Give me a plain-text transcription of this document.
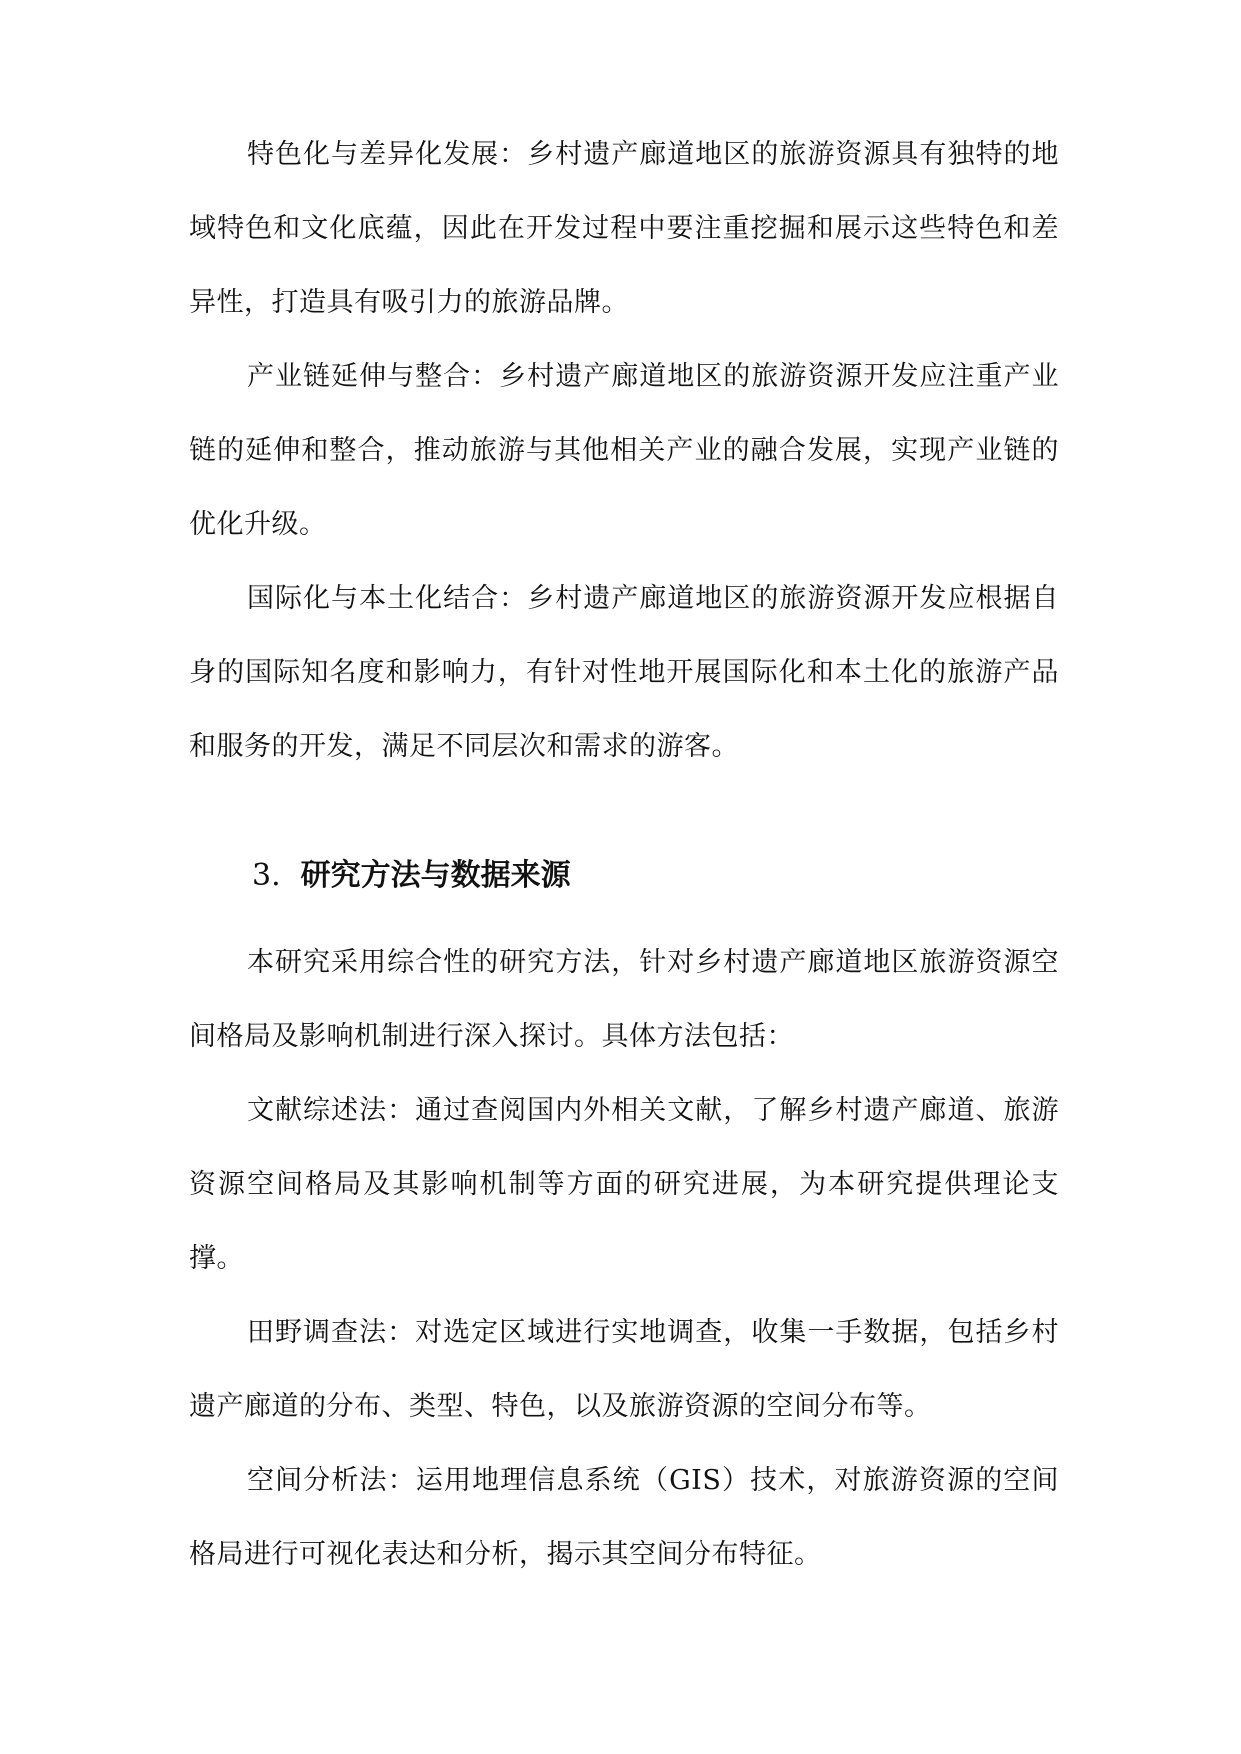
特色化与差异化发展：乡村遗产廊道地区的旅游资源具有独特的地域特色和文化底蕴，因此在开发过程中要注重挖掘和展示这些特色和差异性，打造具有吸引力的旅游品牌。

产业链延伸与整合：乡村遗产廊道地区的旅游资源开发应注重产业链的延伸和整合，推动旅游与其他相关产业的融合发展，实现产业链的优化升级。

国际化与本土化结合：乡村遗产廊道地区的旅游资源开发应根据自身的国际知名度和影响力，有针对性地开展国际化和本土化的旅游产品和服务的开发，满足不同层次和需求的游客。

3. 研究方法与数据来源

本研究采用综合性的研究方法，针对乡村遗产廊道地区旅游资源空间格局及影响机制进行深入探讨。具体方法包括：

文献综述法：通过查阅国内外相关文献，了解乡村遗产廊道、旅游资源空间格局及其影响机制等方面的研究进展，为本研究提供理论支撑。

田野调查法：对选定区域进行实地调查，收集一手数据，包括乡村遗产廊道的分布、类型、特色，以及旅游资源的空间分布等。

空间分析法：运用地理信息系统（GIS）技术，对旅游资源的空间格局进行可视化表达和分析，揭示其空间分布特征。
